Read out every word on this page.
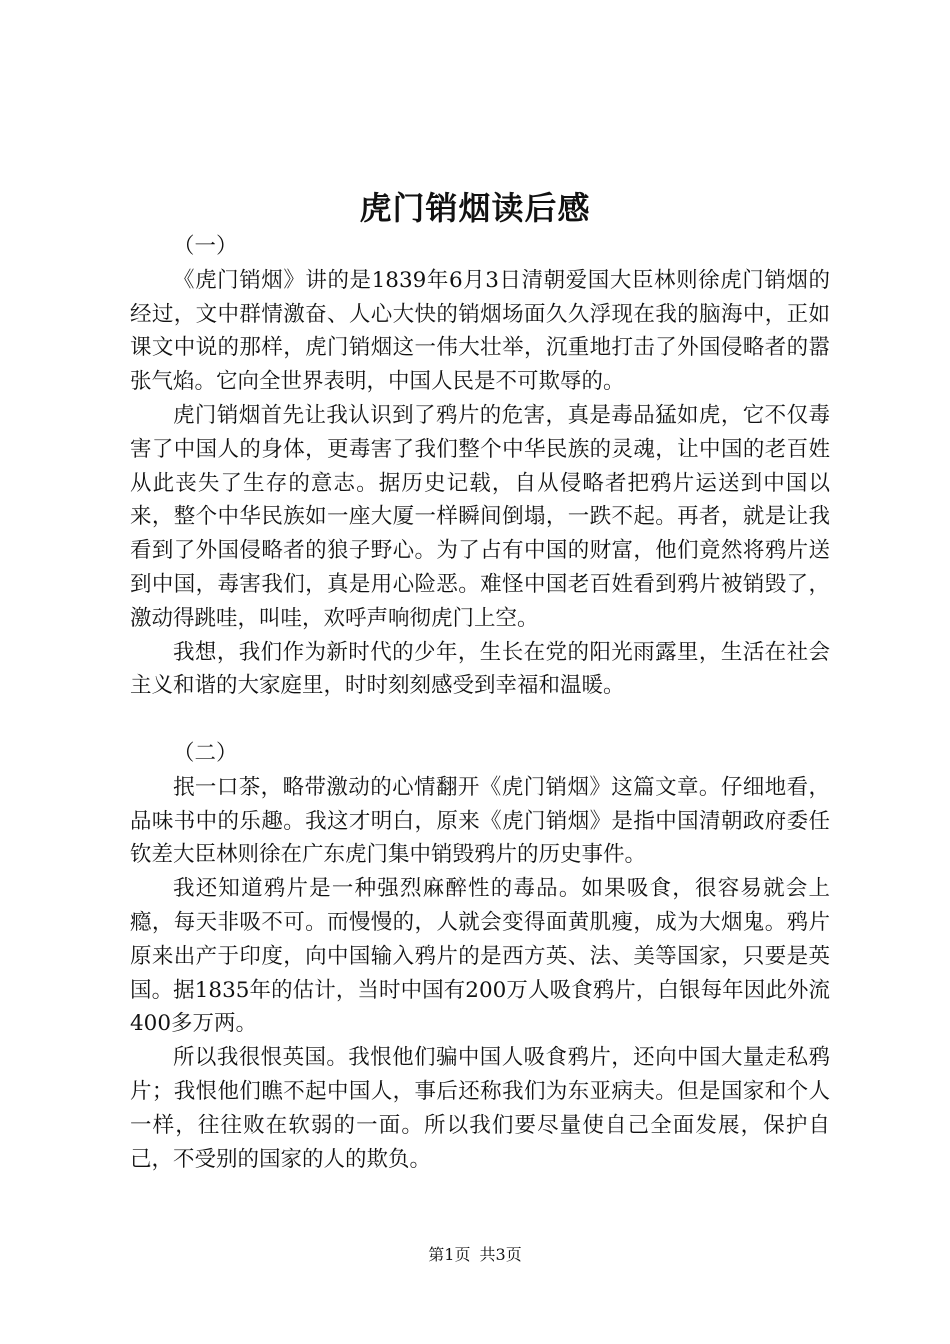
虎门销烟读后感

（一）

《虎门销烟》讲的是1839年6月3日清朝爱国大臣林则徐虎门销烟的经过，文中群情激奋、人心大快的销烟场面久久浮现在我的脑海中，正如课文中说的那样，虎门销烟这一伟大壮举，沉重地打击了外国侵略者的嚣张气焰。它向全世界表明，中国人民是不可欺辱的。

虎门销烟首先让我认识到了鸦片的危害，真是毒品猛如虎，它不仅毒害了中国人的身体，更毒害了我们整个中华民族的灵魂，让中国的老百姓从此丧失了生存的意志。据历史记载，自从侵略者把鸦片运送到中国以来，整个中华民族如一座大厦一样瞬间倒塌，一跌不起。再者，就是让我看到了外国侵略者的狼子野心。为了占有中国的财富，他们竟然将鸦片送到中国，毒害我们，真是用心险恶。难怪中国老百姓看到鸦片被销毁了，激动得跳哇，叫哇，欢呼声响彻虎门上空。

我想，我们作为新时代的少年，生长在党的阳光雨露里，生活在社会主义和谐的大家庭里，时时刻刻感受到幸福和温暖。

（二）

抿一口茶，略带激动的心情翻开《虎门销烟》这篇文章。仔细地看，品味书中的乐趣。我这才明白，原来《虎门销烟》是指中国清朝政府委任钦差大臣林则徐在广东虎门集中销毁鸦片的历史事件。

我还知道鸦片是一种强烈麻醉性的毒品。如果吸食，很容易就会上瘾，每天非吸不可。而慢慢的，人就会变得面黄肌瘦，成为大烟鬼。鸦片原来出产于印度，向中国输入鸦片的是西方英、法、美等国家，只要是英国。据1835年的估计，当时中国有200万人吸食鸦片，白银每年因此外流400多万两。

所以我很恨英国。我恨他们骗中国人吸食鸦片，还向中国大量走私鸦片；我恨他们瞧不起中国人，事后还称我们为东亚病夫。但是国家和个人一样，往往败在软弱的一面。所以我们要尽量使自己全面发展，保护自己，不受别的国家的人的欺负。

第1页 共3页
